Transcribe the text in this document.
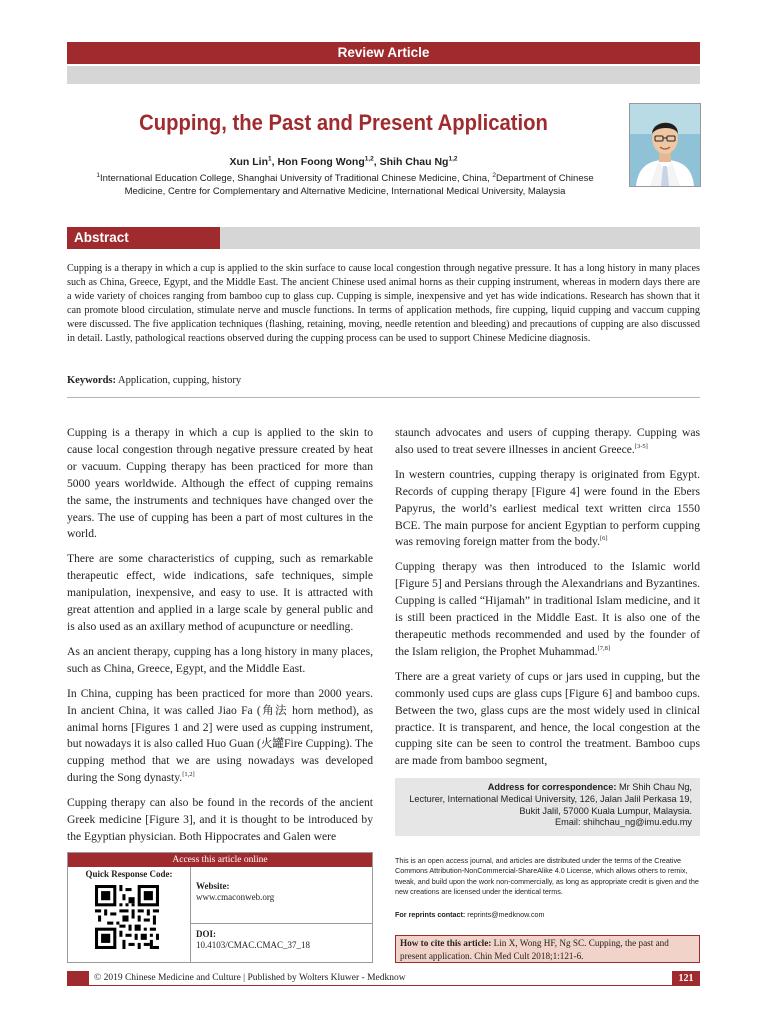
Review Article
Cupping, the Past and Present Application
Xun Lin$^1$, Hon Foong Wong$^{1,2}$, Shih Chau Ng$^{1,2}$
$^1$International Education College, Shanghai University of Traditional Chinese Medicine, China, $^2$Department of Chinese Medicine, Centre for Complementary and Alternative Medicine, International Medical University, Malaysia
Abstract
Cupping is a therapy in which a cup is applied to the skin surface to cause local congestion through negative pressure. It has a long history in many places such as China, Greece, Egypt, and the Middle East. The ancient Chinese used animal horns as their cupping instrument, whereas in modern days there are a wide variety of choices ranging from bamboo cup to glass cup. Cupping is simple, inexpensive and yet has wide indications. Research has shown that it can promote blood circulation, stimulate nerve and muscle functions. In terms of application methods, fire cupping, liquid cupping and vaccum cupping were discussed. The five application techniques (flashing, retaining, moving, needle retention and bleeding) and precautions of cupping are also discussed in detail. Lastly, pathological reactions observed during the cupping process can be used to support Chinese Medicine diagnosis.
Keywords: Application, cupping, history

Cupping is a therapy in which a cup is applied to the skin to cause local congestion through negative pressure created by heat or vacuum. Cupping therapy has been practiced for more than 5000 years worldwide. Although the effect of cupping remains the same, the instruments and techniques have changed over the years. The use of cupping has been a part of most cultures in the world.

There are some characteristics of cupping, such as remarkable therapeutic effect, wide indications, safe techniques, simple manipulation, inexpensive, and easy to use. It is attracted with great attention and applied in a large scale by general public and is also used as an axillary method of acupuncture or needling.

As an ancient therapy, cupping has a long history in many places, such as China, Greece, Egypt, and the Middle East.

In China, cupping has been practiced for more than 2000 years. In ancient China, it was called Jiao Fa (角法 horn method), as animal horns [Figures 1 and 2] were used as cupping instrument, but nowadays it is also called Huo Guan (火罐Fire Cupping). The cupping method that we are using nowadays was developed during the Song dynasty.[1,2]

Cupping therapy can also be found in the records of the ancient Greek medicine [Figure 3], and it is thought to be introduced by the Egyptian physician. Both Hippocrates and Galen were

staunch advocates and users of cupping therapy. Cupping was also used to treat severe illnesses in ancient Greece.[3-5]

In western countries, cupping therapy is originated from Egypt. Records of cupping therapy [Figure 4] were found in the Ebers Papyrus, the world’s earliest medical text written circa 1550 BCE. The main purpose for ancient Egyptian to perform cupping was removing foreign matter from the body.[6]

Cupping therapy was then introduced to the Islamic world [Figure 5] and Persians through the Alexandrians and Byzantines. Cupping is called “Hijamah” in traditional Islam medicine, and it is still been practiced in the Middle East. It is also one of the therapeutic methods recommended and used by the founder of the Islam religion, the Prophet Muhammad.[7,8]

There are a great variety of cups or jars used in cupping, but the commonly used cups are glass cups [Figure 6] and bamboo cups. Between the two, glass cups are the most widely used in clinical practice. It is transparent, and hence, the local congestion at the cupping site can be seen to control the treatment. Bamboo cups are made from bamboo segment,

Address for correspondence: Mr Shih Chau Ng,
Lecturer, International Medical University, 126, Jalan Jalil Perkasa 19,
Bukit Jalil, 57000 Kuala Lumpur, Malaysia.
Email: shihchau_ng@imu.edu.my
Access this article online
Quick Response Code:
Website:
www.cmaconweb.org
DOI:
10.4103/CMAC.CMAC_37_18
This is an open access journal, and articles are distributed under the terms of the Creative Commons Attribution-NonCommercial-ShareAlike 4.0 License, which allows others to remix, tweak, and build upon the work non-commercially, as long as appropriate credit is given and the new creations are licensed under the identical terms.
For reprints contact: reprints@medknow.com
How to cite this article: Lin X, Wong HF, Ng SC. Cupping, the past and present application. Chin Med Cult 2018;1:121-6.
© 2019 Chinese Medicine and Culture | Published by Wolters Kluwer - Medknow	121
